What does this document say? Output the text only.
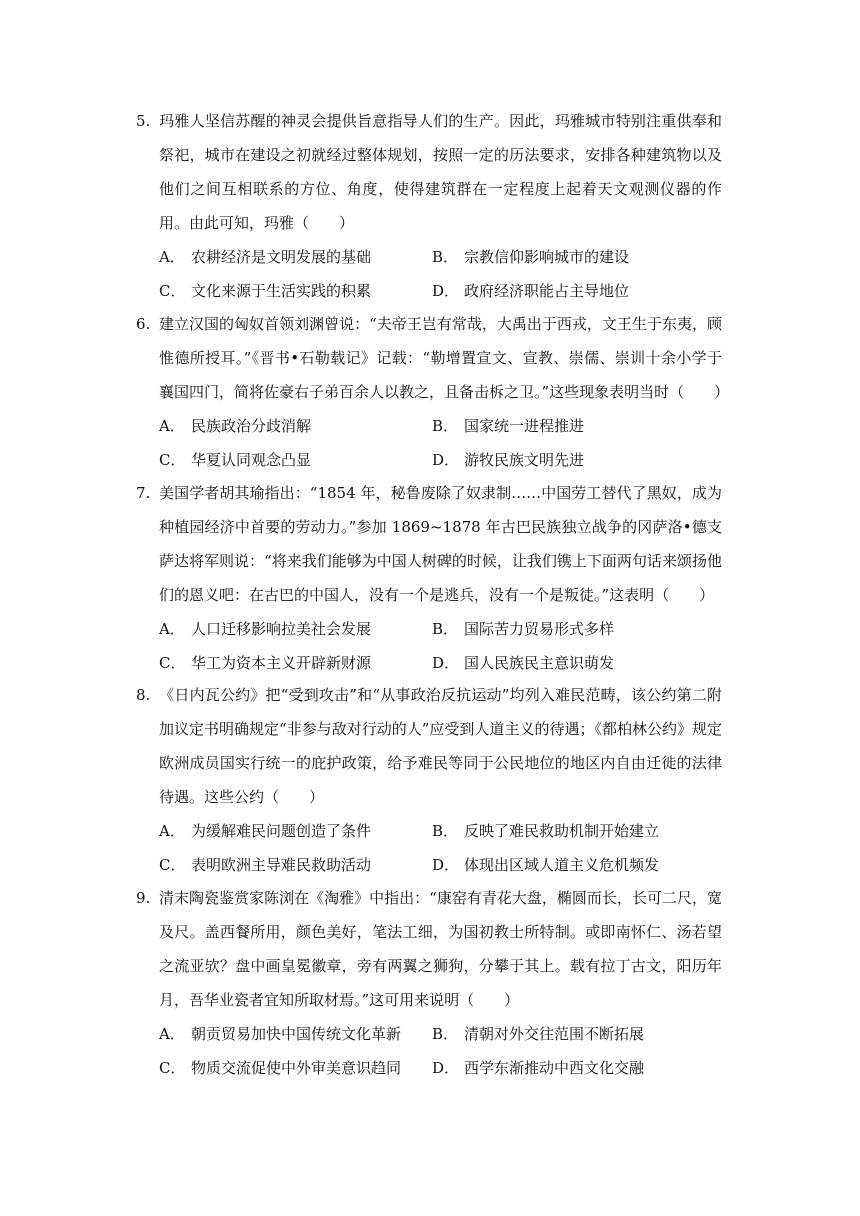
5. 玛雅人坚信苏醒的神灵会提供旨意指导人们的生产。因此，玛雅城市特别注重供奉和祭祀，城市在建设之初就经过整体规划，按照一定的历法要求，安排各种建筑物以及他们之间互相联系的方位、角度，使得建筑群在一定程度上起着天文观测仪器的作用。由此可知，玛雅（　　）
A． 农耕经济是文明发展的基础	B． 宗教信仰影响城市的建设
C． 文化来源于生活实践的积累	D． 政府经济职能占主导地位
6. 建立汉国的匈奴首领刘渊曾说：“夫帝王岂有常哉，大禹出于西戎，文王生于东夷，顾惟德所授耳。”《晋书•石勒载记》记载：“勒增置宣文、宣教、崇儒、崇训十余小学于襄国四门，简将佐豪右子弟百余人以教之，且备击柝之卫。”这些现象表明当时（　　）
A． 民族政治分歧消解	B． 国家统一进程推进
C． 华夏认同观念凸显	D． 游牧民族文明先进
7. 美国学者胡其瑜指出：“1854 年，秘鲁废除了奴隶制……中国劳工替代了黑奴，成为种植园经济中首要的劳动力。”参加 1869~1878 年古巴民族独立战争的冈萨洛•德支萨达将军则说：“将来我们能够为中国人树碑的时候，让我们镌上下面两句话来颂扬他们的恩义吧：在古巴的中国人，没有一个是逃兵，没有一个是叛徒。”这表明（　　）
A． 人口迁移影响拉美社会发展	B． 国际苦力贸易形式多样
C． 华工为资本主义开辟新财源	D． 国人民族民主意识萌发
8. 《日内瓦公约》把“受到攻击”和“从事政治反抗运动”均列入难民范畴，该公约第二附加议定书明确规定“非参与敌对行动的人”应受到人道主义的待遇；《都柏林公约》规定欧洲成员国实行统一的庇护政策，给予难民等同于公民地位的地区内自由迁徙的法律待遇。这些公约（　　）
A． 为缓解难民问题创造了条件	B． 反映了难民救助机制开始建立
C． 表明欧洲主导难民救助活动	D． 体现出区域人道主义危机频发
9. 清末陶瓷鉴赏家陈浏在《淘雅》中指出：“康窑有青花大盘，椭圆而长，长可二尺，宽及尺。盖西餐所用，颜色美好，笔法工细，为国初教士所特制。或即南怀仁、汤若望之流亚欤？盘中画皇冕徽章，旁有两翼之狮狗，分攀于其上。载有拉丁古文，阳历年月，吾华业瓷者宜知所取材焉。”这可用来说明（　　）
A． 朝贡贸易加快中国传统文化革新 B． 清朝对外交往范围不断拓展
C． 物质交流促使中外审美意识趋同 D． 西学东渐推动中西文化交融
